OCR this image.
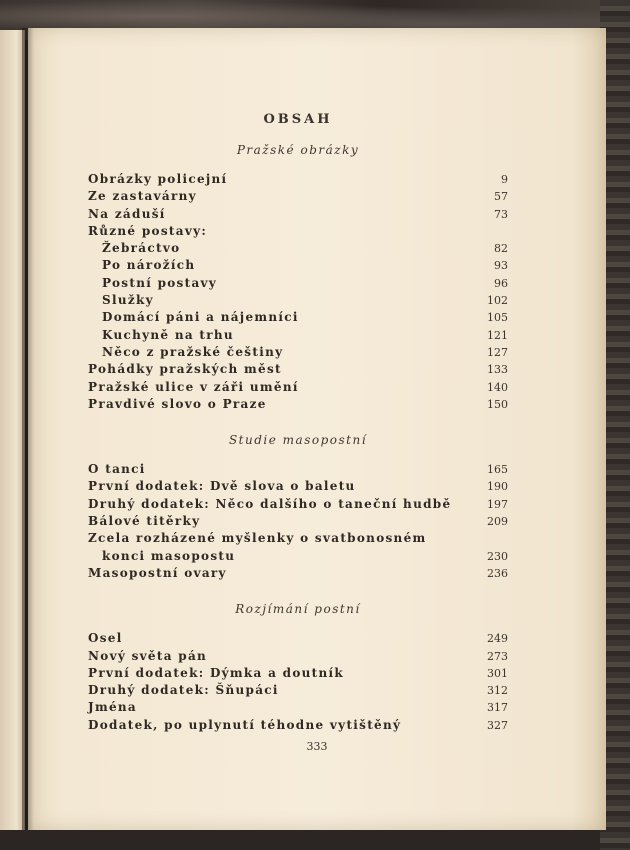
333
OBSAH
Pražské obrázky
Obrázky policejní	9
Ze zastavárny	57
Na záduší	73
Různé postavy:
Žebráctvo	82
Po nárožích	93
Postní postavy	96
Služky	102
Domácí páni a nájemníci	105
Kuchyně na trhu	121
Něco z pražské češtiny	127
Pohádky pražských měst	133
Pražské ulice v záři umění	140
Pravdivé slovo o Praze	150
Studie masopostní
O tanci	165
První dodatek: Dvě slova o baletu	190
Druhý dodatek: Něco dalšího o taneční hudbě	197
Bálové titěrky	209
Zcela rozházené myšlenky o svatbonosném
konci masopostu	230
Masopostní ovary	236
Rozjímání postní
Osel	249
Nový světa pán	273
První dodatek: Dýmka a doutník	301
Druhý dodatek: Šňupáci	312
Jména	317
Dodatek, po uplynutí téhodne vytištěný	327
